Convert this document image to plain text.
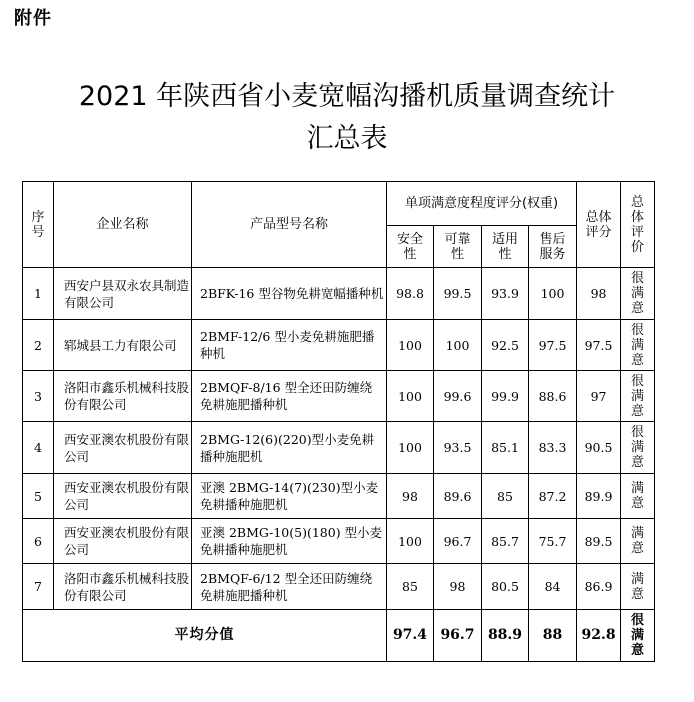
附件
2021 年陕西省小麦宽幅沟播机质量调查统计
汇总表
序号	企业名称	产品型号名称	单项满意度程度评分(权重)				总体评分	总体评价

			安全性	可靠性	适用性	售后服务		

1	西安户县双永农具制造有限公司	2BFK-16 型谷物免耕宽幅播种机	98.8	99.5	93.9	100	98	很满意

2	郓城县工力有限公司	2BMF-12/6 型小麦免耕施肥播种机	100	100	92.5	97.5	97.5	很满意

3	洛阳市鑫乐机械科技股份有限公司	2BMQF-8/16 型全还田防缠绕免耕施肥播种机	100	99.6	99.9	88.6	97	很满意

4	西安亚澳农机股份有限公司	2BMG-12(6)(220)型小麦免耕播种施肥机	100	93.5	85.1	83.3	90.5	很满意

5	西安亚澳农机股份有限公司	亚澳 2BMG-14(7)(230)型小麦免耕播种施肥机	98	89.6	85	87.2	89.9	满意

6	西安亚澳农机股份有限公司	亚澳 2BMG-10(5)(180) 型小麦免耕播种施肥机	100	96.7	85.7	75.7	89.5	满意

7	洛阳市鑫乐机械科技股份有限公司	2BMQF-6/12 型全还田防缠绕免耕施肥播种机	85	98	80.5	84	86.9	满意

平均分值			97.4	96.7	88.9	88	92.8	很满意
